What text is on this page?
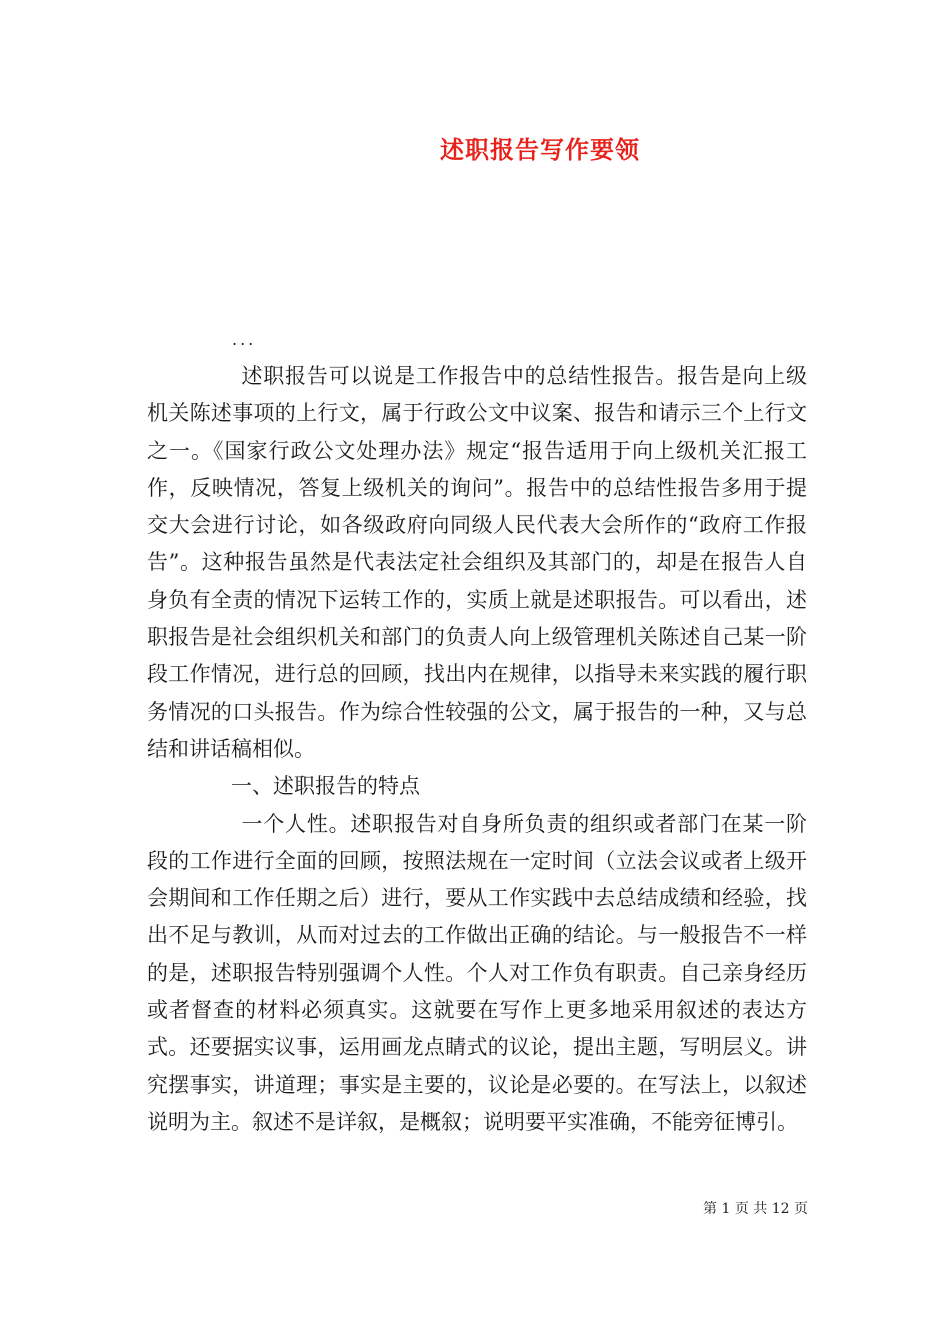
述职报告写作要领
...

述职报告可以说是工作报告中的总结性报告。报告是向上级机关陈述事项的上行文，属于行政公文中议案、报告和请示三个上行文之一。《国家行政公文处理办法》规定“报告适用于向上级机关汇报工作，反映情况，答复上级机关的询问”。报告中的总结性报告多用于提交大会进行讨论，如各级政府向同级人民代表大会所作的“政府工作报告”。这种报告虽然是代表法定社会组织及其部门的，却是在报告人自身负有全责的情况下运转工作的，实质上就是述职报告。可以看出，述职报告是社会组织机关和部门的负责人向上级管理机关陈述自己某一阶段工作情况，进行总的回顾，找出内在规律，以指导未来实践的履行职务情况的口头报告。作为综合性较强的公文，属于报告的一种，又与总结和讲话稿相似。

一、述职报告的特点

一个人性。述职报告对自身所负责的组织或者部门在某一阶段的工作进行全面的回顾，按照法规在一定时间（立法会议或者上级开会期间和工作任期之后）进行，要从工作实践中去总结成绩和经验，找出不足与教训，从而对过去的工作做出正确的结论。与一般报告不一样的是，述职报告特别强调个人性。个人对工作负有职责。自己亲身经历或者督查的材料必须真实。这就要在写作上更多地采用叙述的表达方式。还要据实议事，运用画龙点睛式的议论，提出主题，写明层义。讲究摆事实，讲道理；事实是主要的，议论是必要的。在写法上，以叙述说明为主。叙述不是详叙，是概叙；说明要平实准确，不能旁征博引。

第 1 页 共 12 页
